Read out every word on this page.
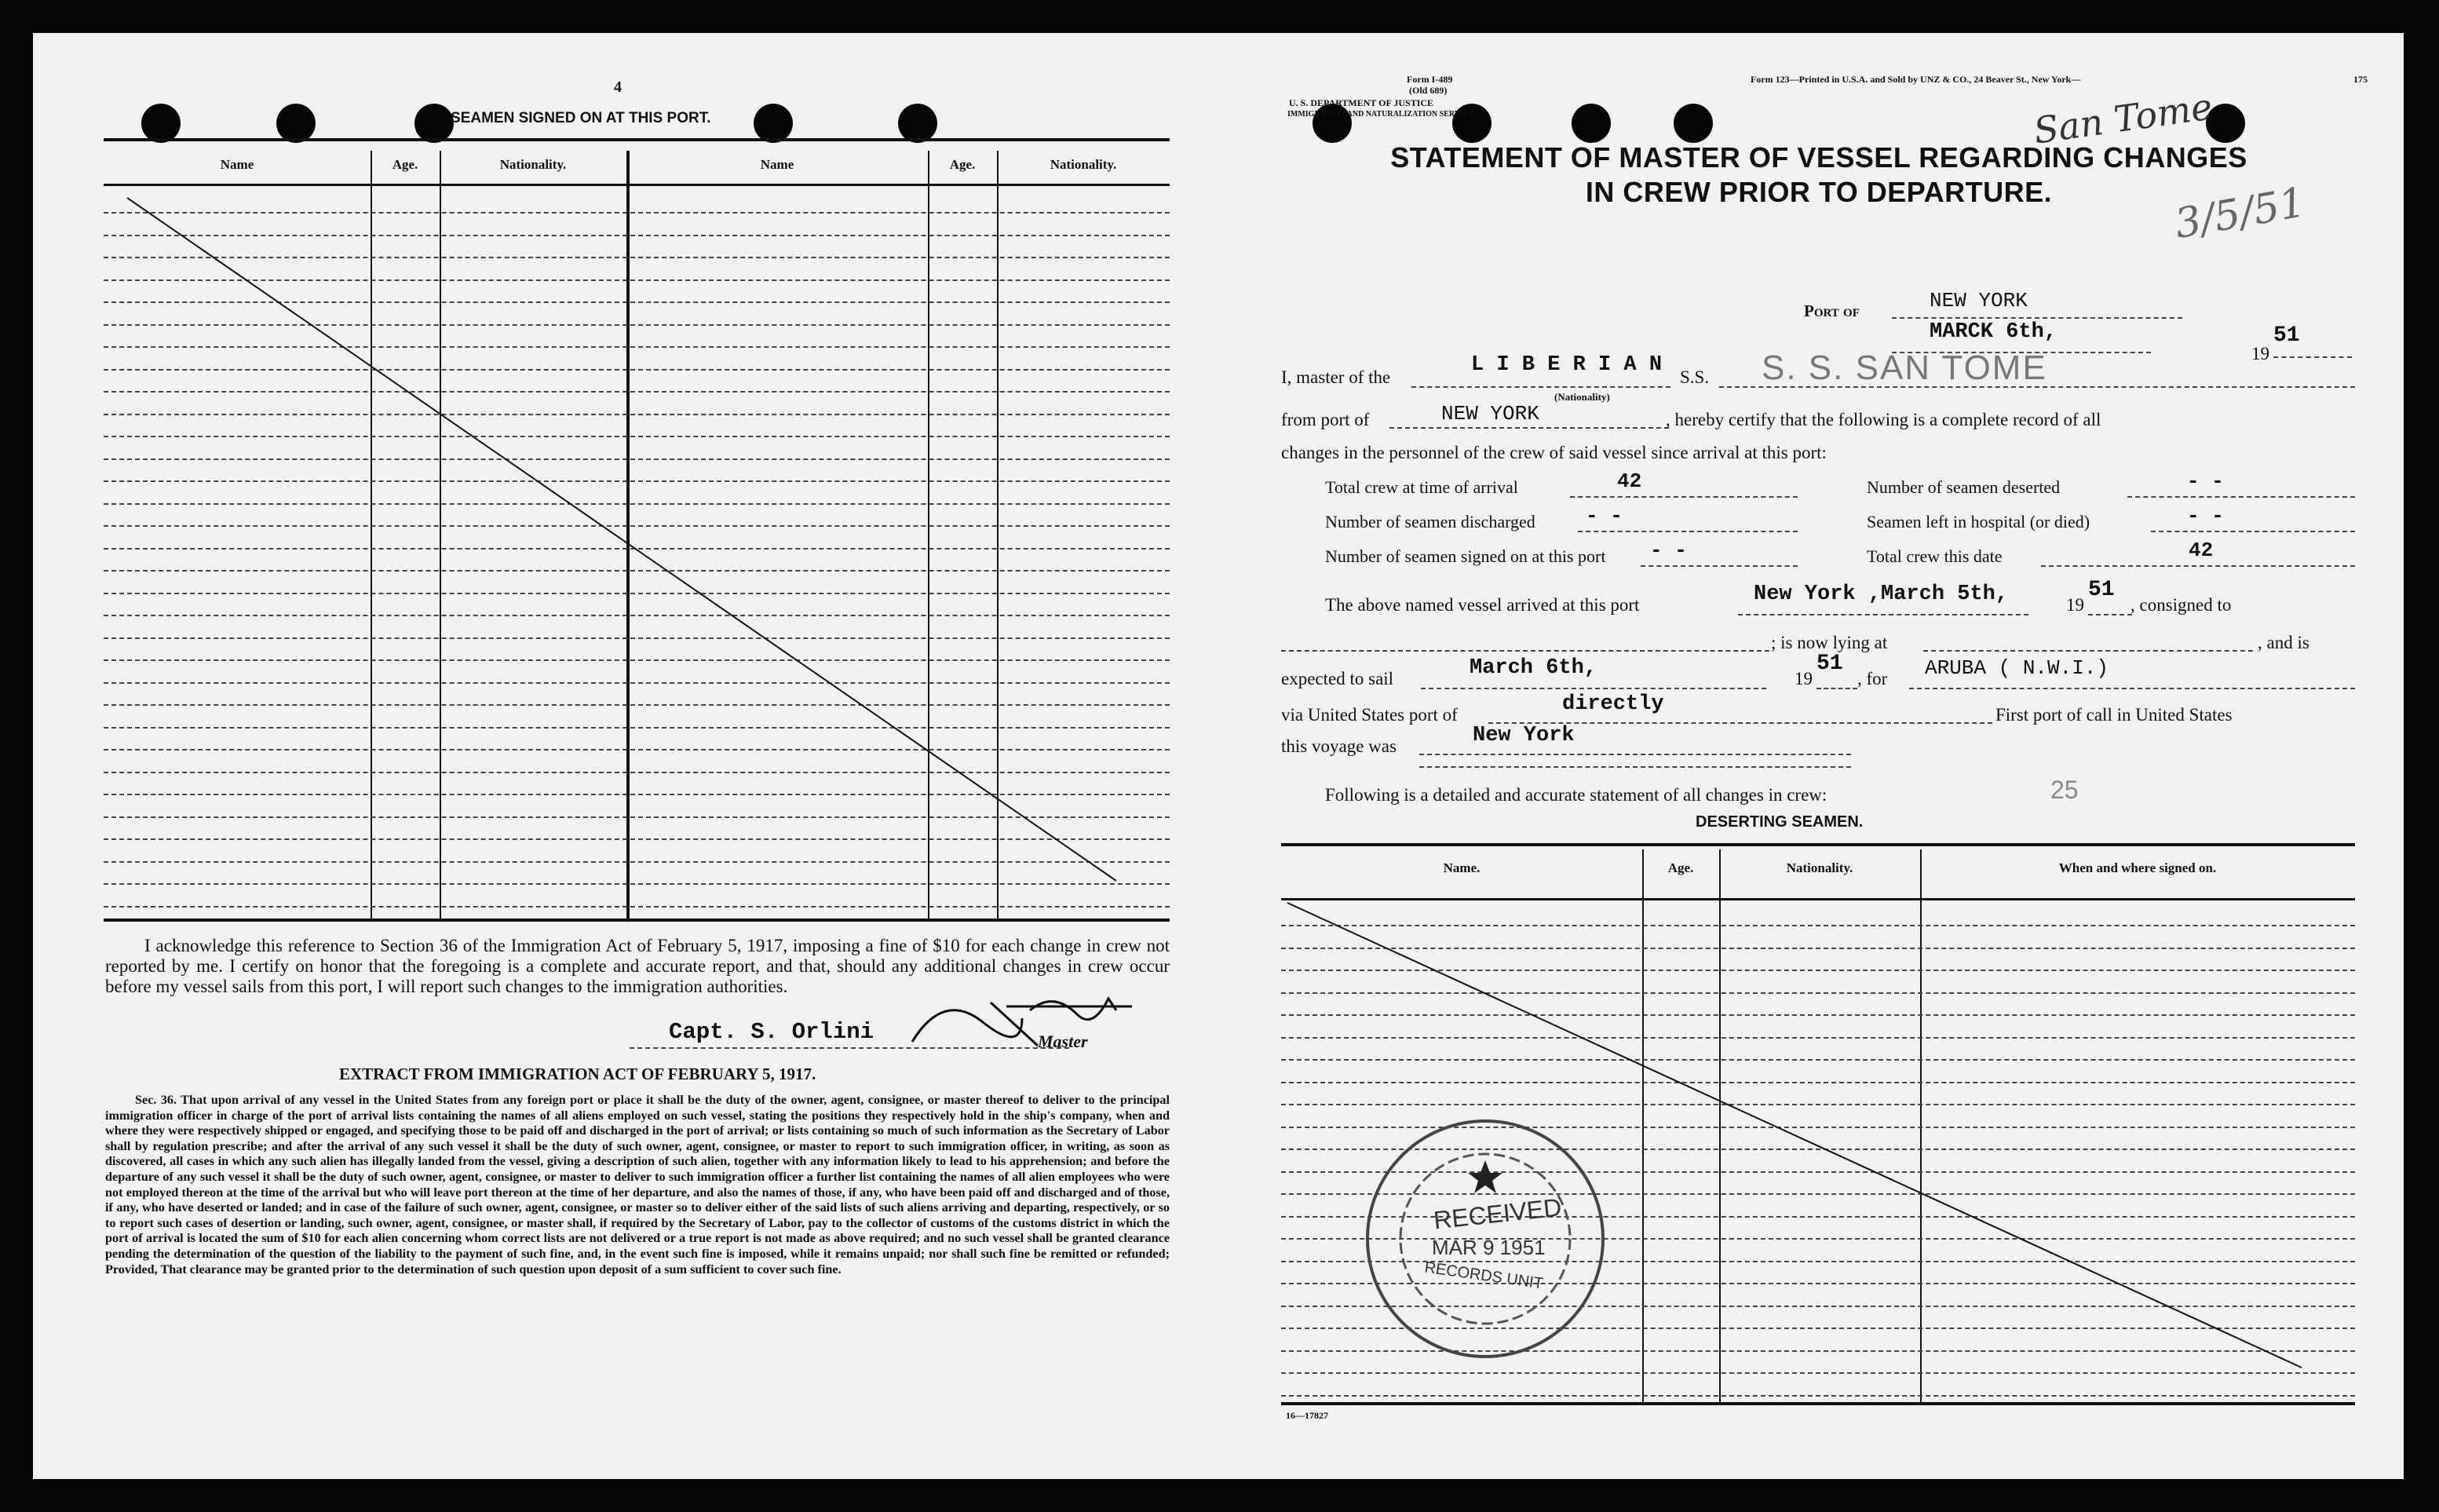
4
SEAMEN SIGNED ON AT THIS PORT.
Name	Age.	Nationality.	Name	Age.	Nationality.
I acknowledge this reference to Section 36 of the Immigration Act of February 5, 1917, imposing a fine of $10 for each change in crew not reported by me. I certify on honor that the foregoing is a complete and accurate report, and that, should any additional changes in crew occur before my vessel sails from this port, I will report such changes to the immigration authorities.
Capt. S. Orlini	Master
EXTRACT FROM IMMIGRATION ACT OF FEBRUARY 5, 1917.
Sec. 36. That upon arrival of any vessel in the United States from any foreign port or place it shall be the duty of the owner, agent, consignee, or master thereof to deliver to the principal immigration officer in charge of the port of arrival lists containing the names of all aliens employed on such vessel, stating the positions they respectively hold in the ship's company, when and where they were respectively shipped or engaged, and specifying those to be paid off and discharged in the port of arrival; or lists containing so much of such information as the Secretary of Labor shall by regulation prescribe; and after the arrival of any such vessel it shall be the duty of such owner, agent, consignee, or master to report to such immigration officer, in writing, as soon as discovered, all cases in which any such alien has illegally landed from the vessel, giving a description of such alien, together with any information likely to lead to his apprehension; and before the departure of any such vessel it shall be the duty of such owner, agent, consignee, or master to deliver to such immigration officer a further list containing the names of all alien employees who were not employed thereon at the time of the arrival but who will leave port thereon at the time of her departure, and also the names of those, if any, who have been paid off and discharged and of those, if any, who have deserted or landed; and in case of the failure of such owner, agent, consignee, or master so to deliver either of the said lists of such aliens arriving and departing, respectively, or so to report such cases of desertion or landing, such owner, agent, consignee, or master shall, if required by the Secretary of Labor, pay to the collector of customs of the customs district in which the port of arrival is located the sum of $10 for each alien concerning whom correct lists are not delivered or a true report is not made as above required; and no such vessel shall be granted clearance pending the determination of the question of the liability to the payment of such fine, and, in the event such fine is imposed, while it remains unpaid; nor shall such fine be remitted or refunded; Provided, That clearance may be granted prior to the determination of such question upon deposit of a sum sufficient to cover such fine.
Form I-489
(Old 689)
U. S. DEPARTMENT OF JUSTICE
IMMIGRATION AND NATURALIZATION SERVICE
Form 123—Printed in U.S.A. and Sold by UNZ & CO., 24 Beaver St., New York—	175
San Tome
3/5/51
STATEMENT OF MASTER OF VESSEL REGARDING CHANGES
IN CREW PRIOR TO DEPARTURE.
Port of	NEW YORK
MARCK 6th,
19
51
I, master of the
L I B E R I A N
(Nationality)
S.S. S. S. SAN TOME
from port of	NEW YORK	, hereby certify that the following is a complete record of all
changes in the personnel of the crew of said vessel since arrival at this port:
Total crew at time of arrival	42	Number of seamen deserted	- -
Number of seamen discharged - -	Seamen left in hospital (or died)	- -
Number of seamen signed on at this port - -	Total crew this date	42
The above named vessel arrived at this port	New York ,March 5th,	19
51
, consigned to
; is now lying at	, and is
expected to sail	March 6th,	19
51
, for ARUBA ( N.W.I.)
via United States port of	directly	First port of call in United States
this voyage was	New York
Following is a detailed and accurate statement of all changes in crew:	25
DESERTING SEAMEN.
Name.	Age.	Nationality.	When and where signed on.
RECEIVED
MAR 9 1951
RECORDS UNIT
16—17827
